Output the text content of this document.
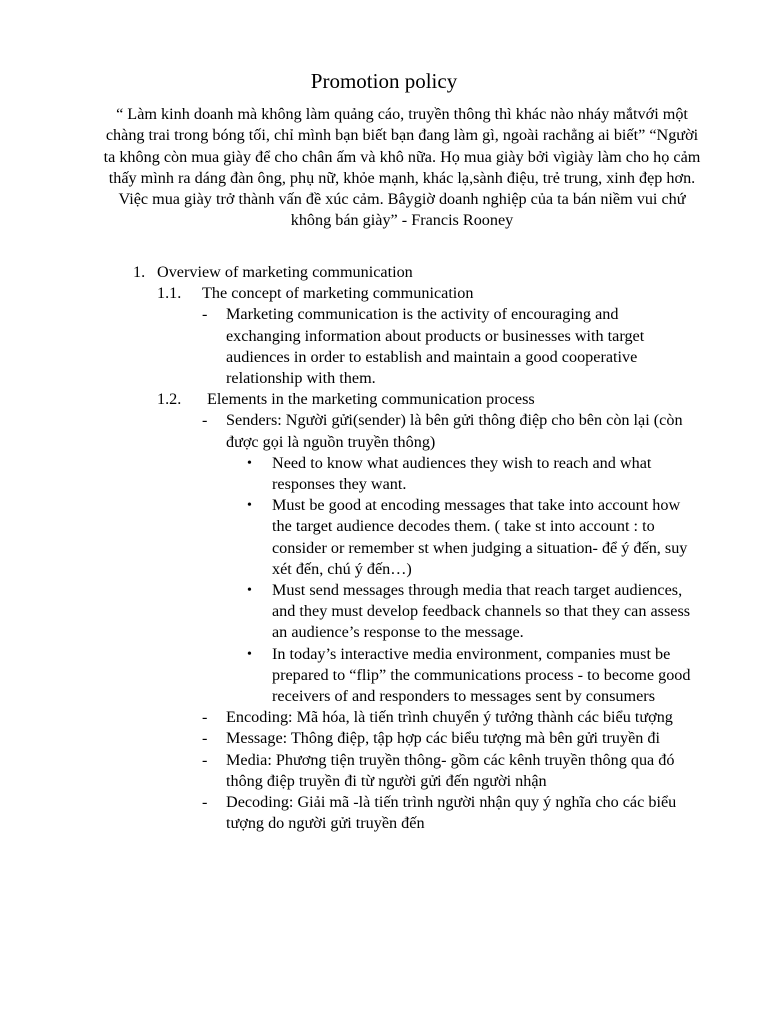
Promotion policy
“ Làm kinh doanh mà không làm quảng cáo, truyền thông thì khác nào nháy mắtvới một chàng trai trong bóng tối, chỉ mình bạn biết bạn đang làm gì, ngoài rachẳng ai biết” “Người ta không còn mua giày để cho chân ấm và khô nữa. Họ mua giày bởi vìgiày làm cho họ cảm thấy mình ra dáng đàn ông, phụ nữ, khỏe mạnh, khác lạ,sành điệu, trẻ trung, xinh đẹp hơn. Việc mua giày trở thành vấn đề xúc cảm. Bâygiờ doanh nghiệp của ta bán niềm vui chứ không bán giày” - Francis Rooney
1. Overview of marketing communication
1.1. The concept of marketing communication
- Marketing communication is the activity of encouraging and exchanging information about products or businesses with target audiences in order to establish and maintain a good cooperative relationship with them.
1.2. Elements in the marketing communication process
- Senders: Người gửi(sender) là bên gửi thông điệp cho bên còn lại (còn được gọi là nguồn truyền thông)
• Need to know what audiences they wish to reach and what responses they want.
• Must be good at encoding messages that take into account how the target audience decodes them. ( take st into account : to consider or remember st when judging a situation- để ý đến, suy xét đến, chú ý đến…)
• Must send messages through media that reach target audiences, and they must develop feedback channels so that they can assess an audience’s response to the message.
• In today’s interactive media environment, companies must be prepared to “flip” the communications process - to become good receivers of and responders to messages sent by consumers
- Encoding: Mã hóa, là tiến trình chuyển ý tưởng thành các biểu tượng
- Message: Thông điệp, tập hợp các biểu tượng mà bên gửi truyền đi
- Media: Phương tiện truyền thông- gồm các kênh truyền thông qua đó thông điệp truyền đi từ người gửi đến người nhận
- Decoding: Giải mã -là tiến trình người nhận quy ý nghĩa cho các biểu tượng do người gửi truyền đến
